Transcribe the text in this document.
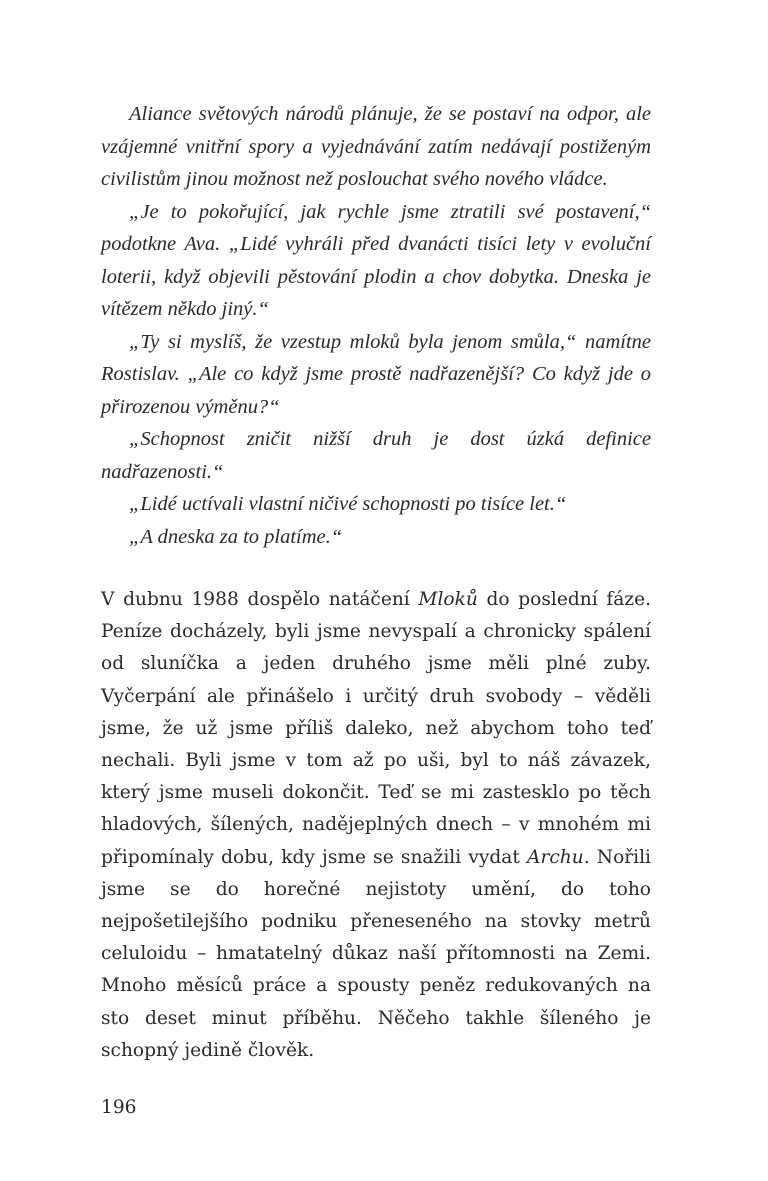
Aliance světových národů plánuje, že se postaví na odpor, ale vzájemné vnitřní spory a vyjednávání zatím nedávají postiženým civilistům jinou možnost než poslouchat svého nového vládce.

„Je to pokořující, jak rychle jsme ztratili své postavení,“ podotkne Ava. „Lidé vyhráli před dvanácti tisíci lety v evoluční loterii, když objevili pěstování plodin a chov dobytka. Dneska je vítězem někdo jiný.“

„Ty si myslíš, že vzestup mloků byla jenom smůla,“ namítne Rostislav. „Ale co když jsme prostě nadřazenější? Co když jde o přirozenou výměnu?“

„Schopnost zničit nižší druh je dost úzká definice nadřazenosti.“

„Lidé uctívali vlastní ničivé schopnosti po tisíce let.“

„A dneska za to platíme.“

V dubnu 1988 dospělo natáčení Mloků do poslední fáze. Peníze docházely, byli jsme nevyspalí a chronicky spálení od sluníčka a jeden druhého jsme měli plné zuby. Vyčerpání ale přinášelo i určitý druh svobody – věděli jsme, že už jsme příliš daleko, než abychom toho teď nechali. Byli jsme v tom až po uši, byl to náš závazek, který jsme museli dokončit. Teď se mi zastesklo po těch hladových, šílených, nadějeplných dnech – v mnohém mi připomínaly dobu, kdy jsme se snažili vydat Archu. Nořili jsme se do horečné nejistoty umění, do toho nejpošetilejšího podniku přeneseného na stovky metrů celuloidu – hmatatelný důkaz naší přítomnosti na Zemi. Mnoho měsíců práce a spousty peněz redukovaných na sto deset minut příběhu. Něčeho takhle šíleného je schopný jedině člověk.

196
